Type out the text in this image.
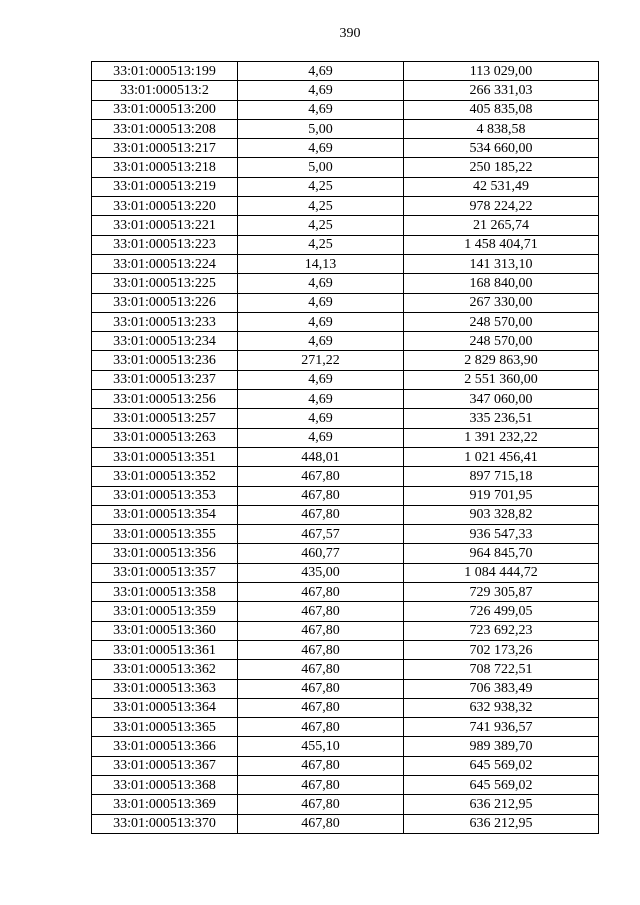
390
33:01:000513:199	4,69	113 029,00
33:01:000513:2	4,69	266 331,03
33:01:000513:200	4,69	405 835,08
33:01:000513:208	5,00	4 838,58
33:01:000513:217	4,69	534 660,00
33:01:000513:218	5,00	250 185,22
33:01:000513:219	4,25	42 531,49
33:01:000513:220	4,25	978 224,22
33:01:000513:221	4,25	21 265,74
33:01:000513:223	4,25	1 458 404,71
33:01:000513:224	14,13	141 313,10
33:01:000513:225	4,69	168 840,00
33:01:000513:226	4,69	267 330,00
33:01:000513:233	4,69	248 570,00
33:01:000513:234	4,69	248 570,00
33:01:000513:236	271,22	2 829 863,90
33:01:000513:237	4,69	2 551 360,00
33:01:000513:256	4,69	347 060,00
33:01:000513:257	4,69	335 236,51
33:01:000513:263	4,69	1 391 232,22
33:01:000513:351	448,01	1 021 456,41
33:01:000513:352	467,80	897 715,18
33:01:000513:353	467,80	919 701,95
33:01:000513:354	467,80	903 328,82
33:01:000513:355	467,57	936 547,33
33:01:000513:356	460,77	964 845,70
33:01:000513:357	435,00	1 084 444,72
33:01:000513:358	467,80	729 305,87
33:01:000513:359	467,80	726 499,05
33:01:000513:360	467,80	723 692,23
33:01:000513:361	467,80	702 173,26
33:01:000513:362	467,80	708 722,51
33:01:000513:363	467,80	706 383,49
33:01:000513:364	467,80	632 938,32
33:01:000513:365	467,80	741 936,57
33:01:000513:366	455,10	989 389,70
33:01:000513:367	467,80	645 569,02
33:01:000513:368	467,80	645 569,02
33:01:000513:369	467,80	636 212,95
33:01:000513:370	467,80	636 212,95
